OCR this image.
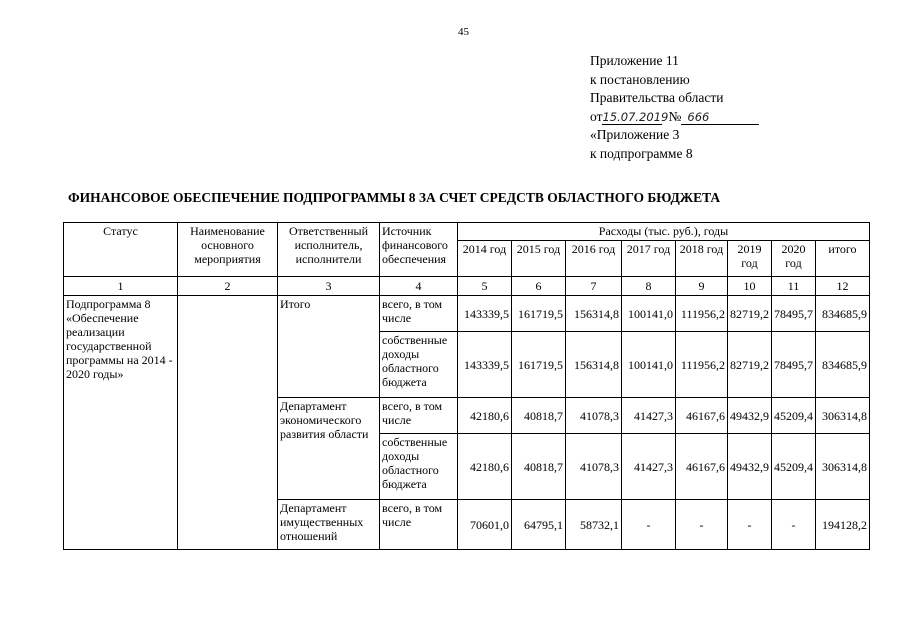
45
Приложение 11
к постановлению
Правительства области
от15.07.2019№ 666
«Приложение 3
к подпрограмме 8
ФИНАНСОВОЕ ОБЕСПЕЧЕНИЕ ПОДПРОГРАММЫ 8 ЗА СЧЕТ СРЕДСТВ ОБЛАСТНОГО БЮДЖЕТА
Статус	Наименование основного мероприятия	Ответственный исполнитель, исполнители	Источник финансового обеспечения	Расходы (тыс. руб.), годы							
				2014 год	2015 год	2016 год	2017 год	2018 год	2019 год	2020 год	итого
1	2	3	4	5	6	7	8	9	10	11	12
Подпрограмма 8 «Обеспечение реализации государственной программы на 2014 - 2020 годы»		Итого	всего, в том числе	143339,5	161719,5	156314,8	100141,0	111956,2	82719,2	78495,7	834685,9
			собственные доходы областного бюджета	143339,5	161719,5	156314,8	100141,0	111956,2	82719,2	78495,7	834685,9
		Департамент экономического развития области	всего, в том числе	42180,6	40818,7	41078,3	41427,3	46167,6	49432,9	45209,4	306314,8
			собственные доходы областного бюджета	42180,6	40818,7	41078,3	41427,3	46167,6	49432,9	45209,4	306314,8
		Департамент имущественных отношений	всего, в том числе	70601,0	64795,1	58732,1	-	-	-	-	194128,2
